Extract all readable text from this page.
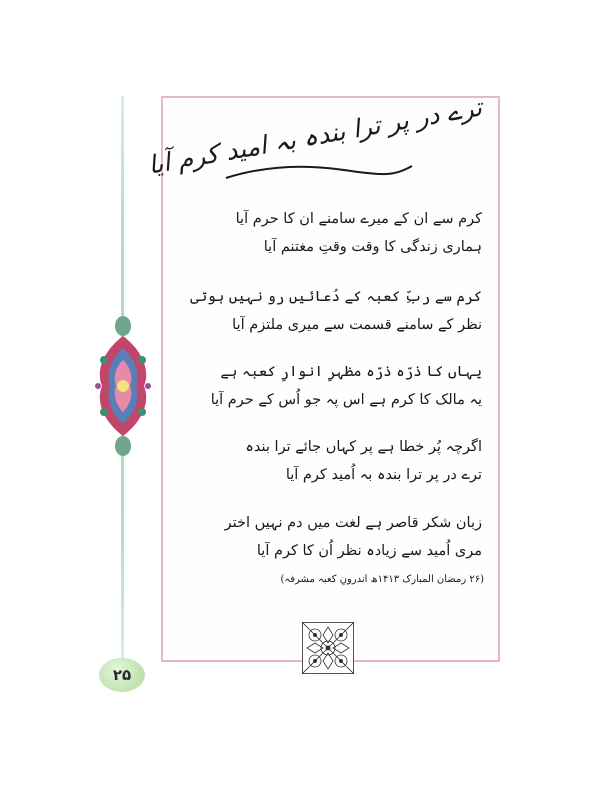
ترے در پر ترا بندہ بہ امید کرم آیا
کرم سے ان کے میرے سامنے ان کا حرم آیا
ہماری زندگی کا وقت وقتِ مغتنم آیا
کرم سے ربِّ کعبہ کے دُعائیں رو نہیں ہوتی
نظر کے سامنے قسمت سے میری ملتزم آیا
یہاں کا ذرّہ ذرّہ مظہرِ انوارِ کعبہ ہے
یہ مالک کا کرم ہے اس پہ جو اُس کے حرم آیا
اگرچہ پُر خطا ہے پر کہاں جائے ترا بندہ
ترے در پر ترا بندہ بہ اُمید کرم آیا
زبان شکر قاصر ہے لغت میں دم نہیں اختر
مری اُمید سے زیادہ نظر اُن کا کرم آیا
(۲۶ رمضان المبارک ۱۴۱۳ھ اندرونِ کعبہ مشرفہ)
۲۵
